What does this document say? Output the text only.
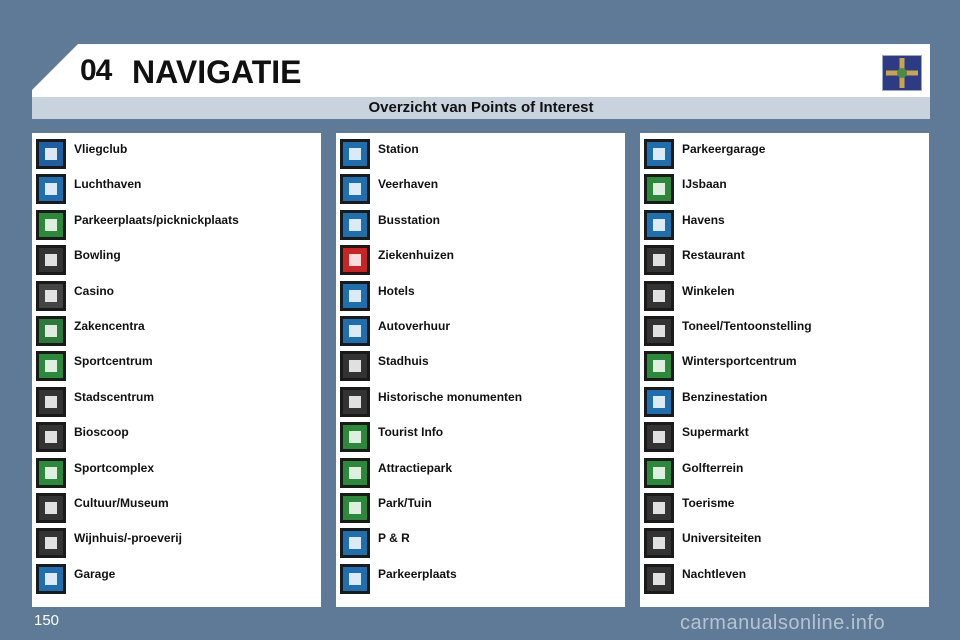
04 NAVIGATIE
Overzicht van Points of Interest
Vliegclub
Luchthaven
Parkeerplaats/picknickplaats
Bowling
Casino
Zakencentra
Sportcentrum
Stadscentrum
Bioscoop
Sportcomplex
Cultuur/Museum
Wijnhuis/-proeverij
Garage
Station
Veerhaven
Busstation
Ziekenhuizen
Hotels
Autoverhuur
Stadhuis
Historische monumenten
Tourist Info
Attractiepark
Park/Tuin
P & R
Parkeerplaats
Parkeergarage
IJsbaan
Havens
Restaurant
Winkelen
Toneel/Tentoonstelling
Wintersportcentrum
Benzinestation
Supermarkt
Golfterrein
Toerisme
Universiteiten
Nachtleven
150	carmanualsonline.info
